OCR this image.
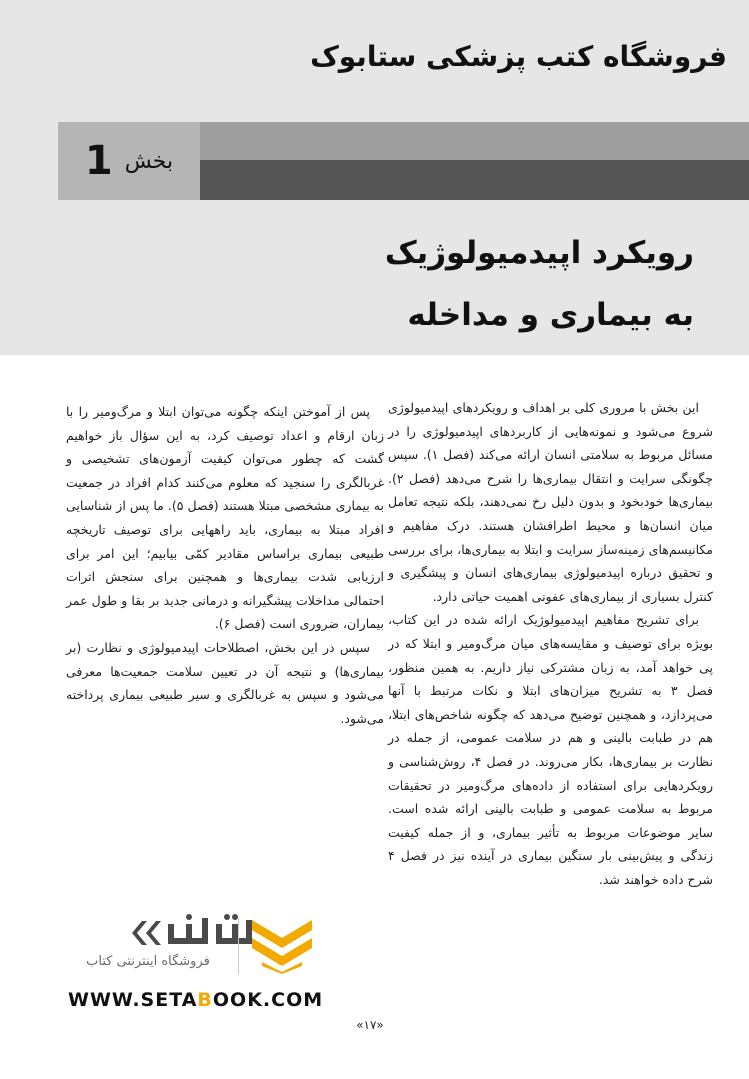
فروشگاه کتب پزشکی ستابوک
بخش
1
رویکرد اپیدمیولوژیک
به بیماری و مداخله

این بخش با مروری کلی بر اهداف و رویکردهای اپیدمیولوژی شروع می‌شود و نمونه‌هایی از کاربردهای اپیدمیولوژی را در مسائل مربوط به سلامتی انسان ارائه می‌کند (فصل ۱). سپس چگونگی سرایت و انتقال بیماری‌ها را شرح می‌دهد (فصل ۲). بیماری‌ها خودبخود و بدون دلیل رخ نمی‌دهند، بلکه نتیجه تعامل میان انسان‌ها و محیط اطرافشان هستند. درک مفاهیم و مکانیسم‌های زمینه‌ساز سرایت و ابتلا به بیماری‌ها، برای بررسی و تحقیق درباره اپیدمیولوژی بیماری‌های انسان و پیشگیری و کنترل بسیاری از بیماری‌های عفونی اهمیت حیاتی دارد.

برای تشریح مفاهیم اپیدمیولوژیک ارائه شده در این کتاب، بویژه برای توصیف و مقایسه‌های میان مرگ‌ومیر و ابتلا که در پی خواهد آمد، به زبان مشترکی نیاز داریم. به همین منظور، فصل ۳ به تشریح میزان‌های ابتلا و نکات مرتبط با آنها می‌پردازد، و همچنین توضیح می‌دهد که چگونه شاخص‌های ابتلا، هم در طبابت بالینی و هم در سلامت عمومی، از جمله در نظارت بر بیماری‌ها، بکار می‌روند. در فصل ۴، روش‌شناسی و رویکردهایی برای استفاده از داده‌های مرگ‌ومیر در تحقیقات مربوط به سلامت عمومی و طبابت بالینی ارائه شده است. سایر موضوعات مربوط به تأثیر بیماری، و از جمله کیفیت زندگی و پیش‌بینی بار سنگین بیماری در آینده نیز در فصل ۴ شرح داده خواهند شد.

پس از آموختن اینکه چگونه می‌توان ابتلا و مرگ‌ومیر را با زبان ارقام و اعداد توصیف کرد، به این سؤال باز خواهیم گشت که چطور می‌توان کیفیت آزمون‌های تشخیصی و غربالگری را سنجید که معلوم می‌کنند کدام افراد در جمعیت به بیماری مشخصی مبتلا هستند (فصل ۵). ما پس از شناسایی افراد مبتلا به بیماری، باید راههایی برای توصیف تاریخچه طبیعی بیماری براساس مقادیر کمّی بیابیم؛ این امر برای ارزیابی شدت بیماری‌ها و همچنین برای سنجش اثرات احتمالی مداخلات پیشگیرانه و درمانی جدید بر بقا و طول عمر بیماران، ضروری است (فصل ۶).

سپس در این بخش، اصطلاحات اپیدمیولوژی و نظارت (بر بیماری‌ها) و نتیجه آن در تعیین سلامت جمعیت‌ها معرفی می‌شود و سپس به غربالگری و سیر طبیعی بیماری پرداخته می‌شود.

فروشگاه اینترنتی کتاب
WWW.SETABOOK.COM
«۱۷»
